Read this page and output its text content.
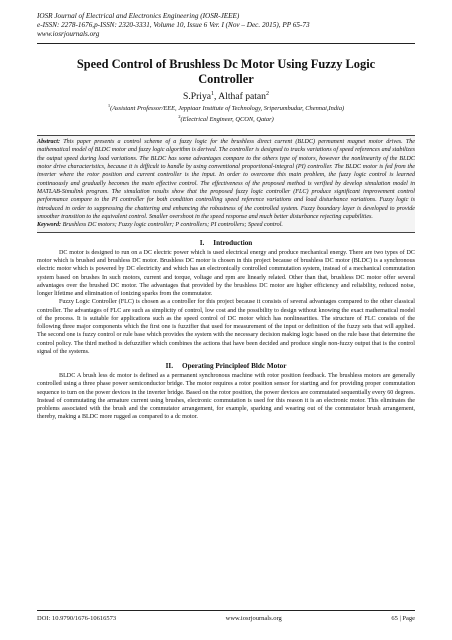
IOSR Journal of Electrical and Electronics Engineering (IOSR-JEEE)
e-ISSN: 2278-1676,p-ISSN: 2320-3331, Volume 10, Issue 6 Ver. I (Nov – Dec. 2015), PP 65-73
www.iosrjournals.org
Speed Control of Brushless Dc Motor Using Fuzzy Logic Controller
S.Priya$^1$, Althaf patan$^2$
$^1$(Assistant Professor/EEE, Jeppiaar Institute of Technology, Sriperumbudur, Chennai,India)
$^2$(Electrical Engineer, QCON, Qatar)

Abstract: This paper presents a control scheme of a fuzzy logic for the brushless direct current (BLDC) permanent magnet motor drives. The mathematical model of BLDC motor and fuzzy logic algorithm is derived. The controller is designed to tracks variations of speed references and stabilizes the output speed during load variations. The BLDC has some advantages compare to the others type of motors, however the nonlinearity of the BLDC motor drive characteristics, because it is difficult to handle by using conventional proportional-integral (PI) controller. The BLDC motor is fed from the inverter where the rotor position and current controller is the input. In order to overcome this main problem, the fuzzy logic control is learned continuously and gradually becomes the main effective control. The effectiveness of the proposed method is verified by develop simulation model in MATLAB-Simulink program. The simulation results show that the proposed fuzzy logic controller (FLC) produce significant improvement control performance compare to the PI controller for both condition controlling speed reference variations and load disturbance variations. Fuzzy logic is introduced in order to suppressing the chattering and enhancing the robustness of the controlled system. Fuzzy boundary layer is developed to provide smoother transition to the equivalent control. Smaller overshoot in the speed response and much better disturbance rejecting capabilities.

Keyword: Brushless DC motors; Fuzzy logic controller; P controllers; PI controllers; Speed control.

I. Introduction

DC motor is designed to run on a DC electric power which is used electrical energy and produce mechanical energy. There are two types of DC motor which is brushed and brushless DC motor. Brushless DC motor is chosen in this project because of brushless DC motor (BLDC) is a synchronous electric motor which is powered by DC electricity and which has an electronically controlled commutation system, instead of a mechanical commutation system based on brushes In such motors, current and torque, voltage and rpm are linearly related. Other than that, brushless DC motor offer several advantages over the brushed DC motor. The advantages that provided by the brushless DC motor are higher efficiency and reliability, reduced noise, longer lifetime and elimination of ionizing sparks from the commutator.

Fuzzy Logic Controller (FLC) is chosen as a controller for this project because it consists of several advantages compared to the other classical controller. The advantages of FLC are such as simplicity of control, low cost and the possibility to design without knowing the exact mathematical model of the process. It is suitable for applications such as the speed control of DC motor which has nonlinearities. The structure of FLC consists of the following three major components which the first one is fuzzifier that used for measurement of the input or definition of the fuzzy sets that will applied. The second one is fuzzy control or rule base which provides the system with the necessary decision making logic based on the rule base that determine the control policy. The third method is defuzzifier which combines the actions that have been decided and produce single non-fuzzy output that is the control signal of the systems.

II. Operating Principleof Bldc Motor

BLDC A brush less dc motor is defined as a permanent synchronous machine with rotor position feedback. The brushless motors are generally controlled using a three phase power semiconductor bridge. The motor requires a rotor position sensor for starting and for providing proper commutation sequence to turn on the power devices in the inverter bridge. Based on the rotor position, the power devices are commutated sequentially every 60 degrees. Instead of commutating the armature current using brushes, electronic commutation is used for this reason it is an electronic motor. This eliminates the problems associated with the brush and the commutator arrangement, for example, sparking and wearing out of the commutator brush arrangement, thereby, making a BLDC more rugged as compared to a dc motor.

DOI: 10.9790/1676-10616573	www.iosrjournals.org	65 | Page
